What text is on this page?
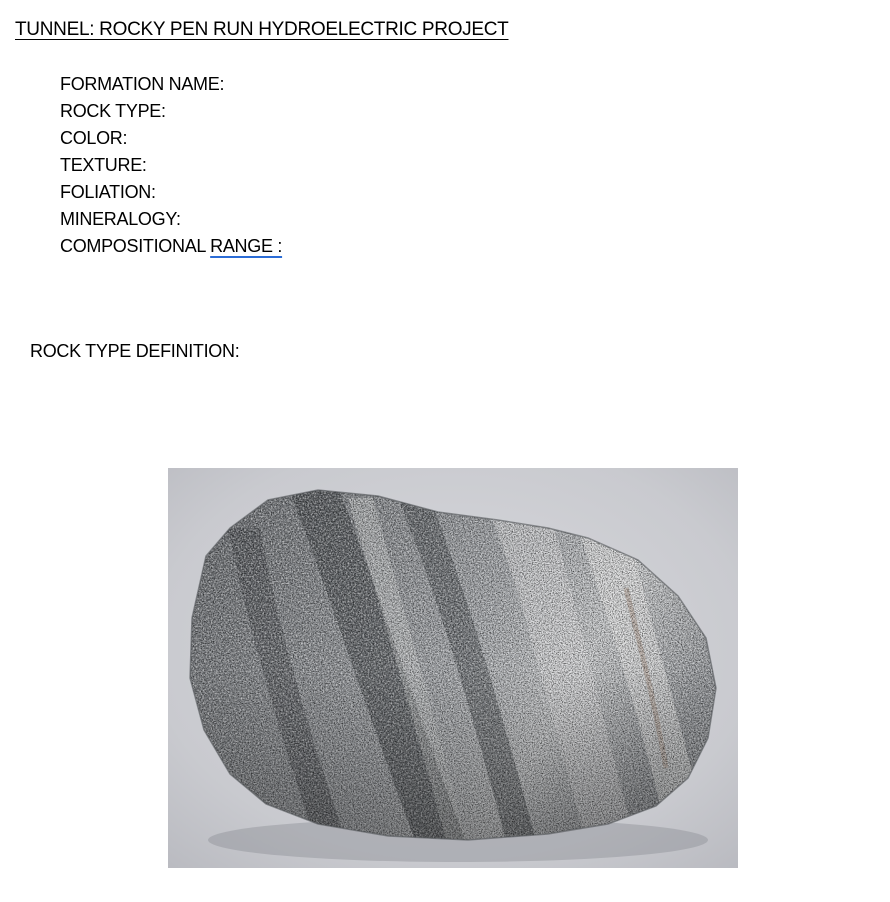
TUNNEL: ROCKY PEN RUN HYDROELECTRIC PROJECT
FORMATION NAME:
ROCK TYPE:
COLOR:
TEXTURE:
FOLIATION:
MINERALOGY:
COMPOSITIONAL RANGE :
ROCK TYPE DEFINITION:
